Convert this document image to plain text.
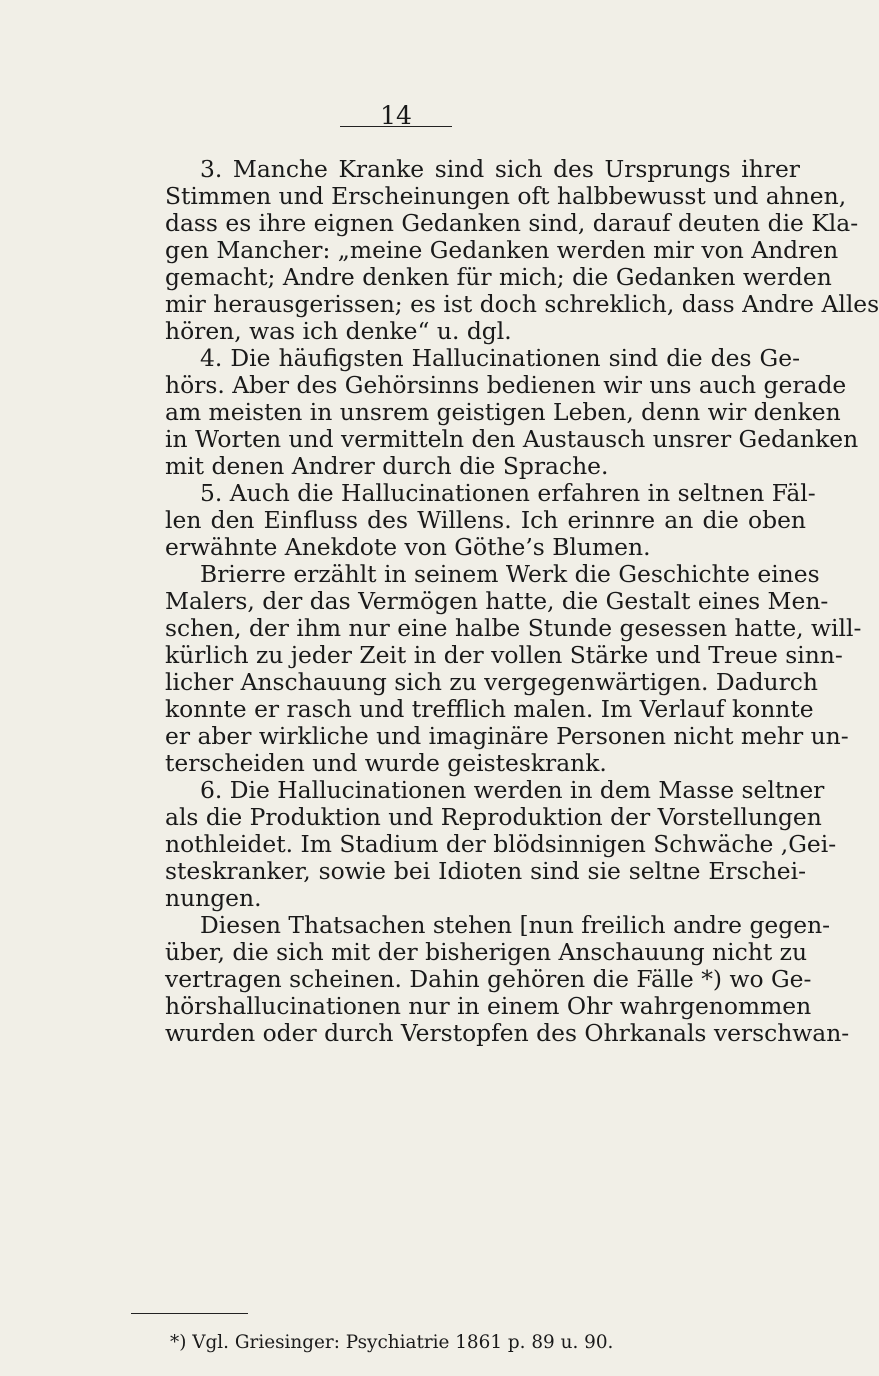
14
3. Manche Kranke sind sich des Ursprungs ihrer
Stimmen und Erscheinungen oft halbbewusst und ahnen,
dass es ihre eignen Gedanken sind, darauf deuten die Kla-
gen Mancher: „meine Gedanken werden mir von Andren
gemacht; Andre denken für mich; die Gedanken werden
mir herausgerissen; es ist doch schreklich, dass Andre Alles
hören, was ich denke“ u. dgl.
4. Die häufigsten Hallucinationen sind die des Ge-
hörs. Aber des Gehörsinns bedienen wir uns auch gerade
am meisten in unsrem geistigen Leben, denn wir denken
in Worten und vermitteln den Austausch unsrer Gedanken
mit denen Andrer durch die Sprache.
5. Auch die Hallucinationen erfahren in seltnen Fäl-
len den Einfluss des Willens. Ich erinnre an die oben
erwähnte Anekdote von Göthe’s Blumen.
Brierre erzählt in seinem Werk die Geschichte eines
Malers, der das Vermögen hatte, die Gestalt eines Men-
schen, der ihm nur eine halbe Stunde gesessen hatte, will-
kürlich zu jeder Zeit in der vollen Stärke und Treue sinn-
licher Anschauung sich zu vergegenwärtigen. Dadurch
konnte er rasch und trefflich malen. Im Verlauf konnte
er aber wirkliche und imaginäre Personen nicht mehr un-
terscheiden und wurde geisteskrank.
6. Die Hallucinationen werden in dem Masse seltner
als die Produktion und Reproduktion der Vorstellungen
nothleidet. Im Stadium der blödsinnigen Schwäche ,Gei-
steskranker, sowie bei Idioten sind sie seltne Erschei-
nungen.
Diesen Thatsachen stehen [nun freilich andre gegen-
über, die sich mit der bisherigen Anschauung nicht zu
vertragen scheinen. Dahin gehören die Fälle *) wo Ge-
hörshallucinationen nur in einem Ohr wahrgenommen
wurden oder durch Verstopfen des Ohrkanals verschwan-
*) Vgl. Griesinger: Psychiatrie 1861 p. 89 u. 90.
